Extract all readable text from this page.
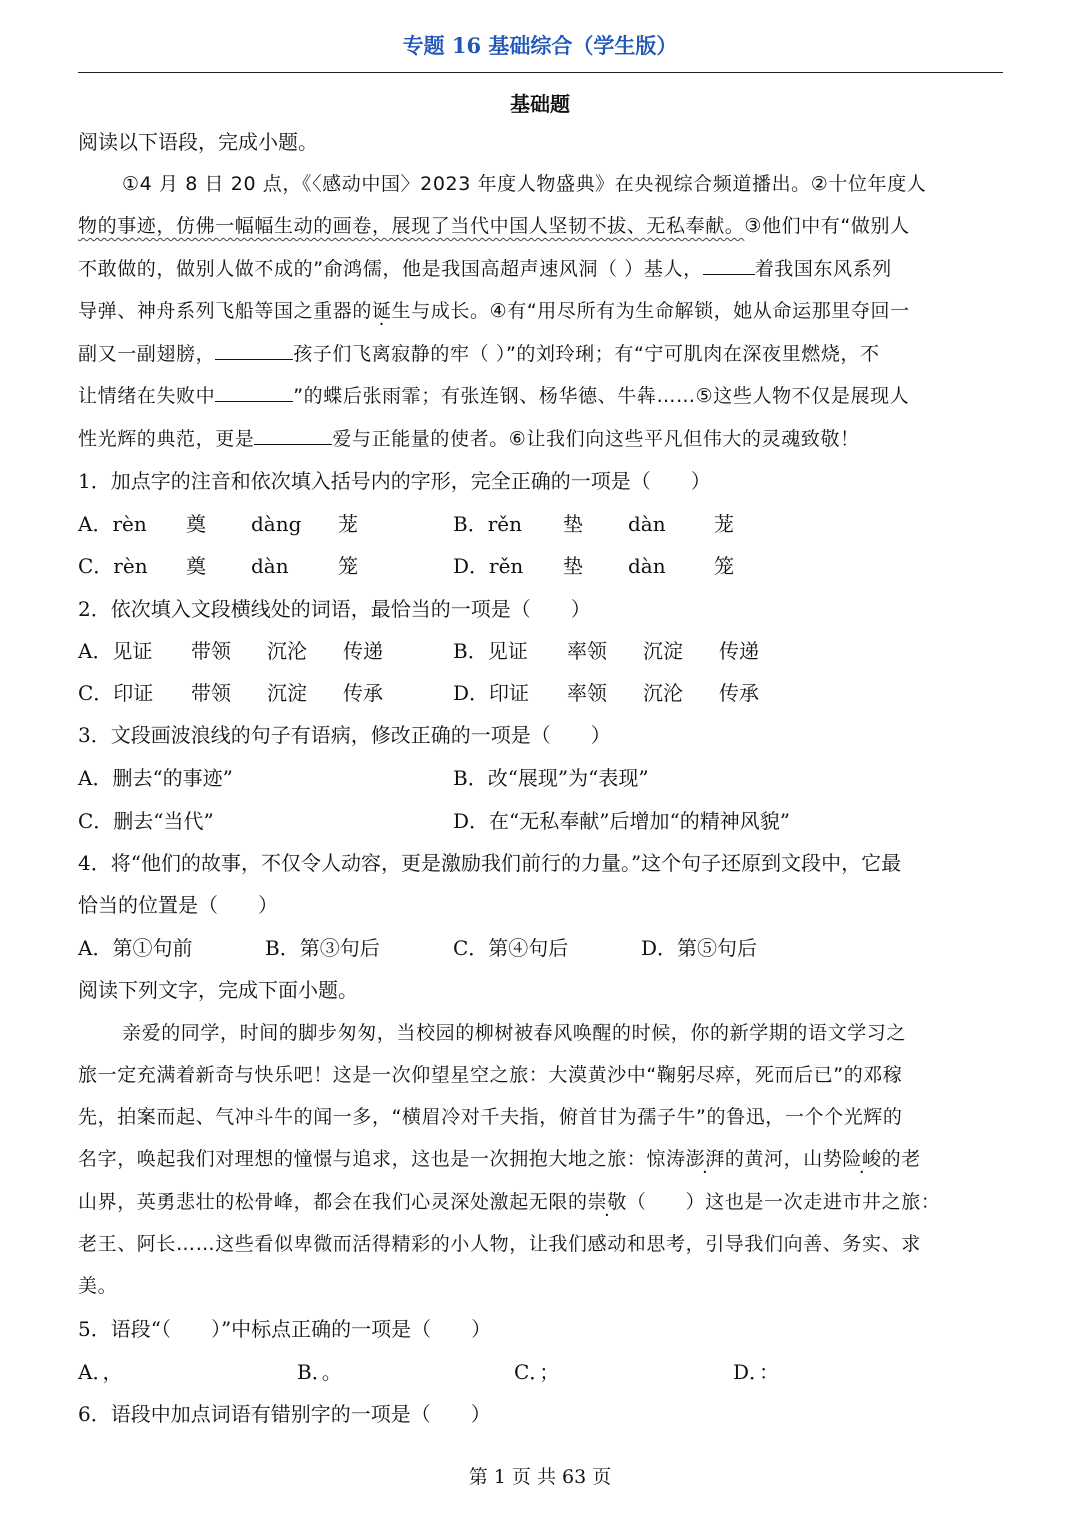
专题 16 基础综合（学生版）
基础题
阅读以下语段，完成小题。
①4 月 8 日 20 点，《〈感动中国〉2023 年度人物盛典》在央视综合频道播出。②十位年度人
物的事迹，仿佛一幅幅生动的画卷，展现了当代中国人坚韧不拔、无私奉献。③他们中有“做别人
不敢做的，做别人做不成的”俞鸿儒，他是我国高超声速风洞（ ）基人，	着我国东风系列
导弹、神舟系列飞船等国之重器的诞生与成长。④有“用尽所有为生命解锁，她从命运那里夺回一
副又一副翅膀，	孩子们飞离寂静的牢（ ）”的刘玲琍；有“宁可肌肉在深夜里燃烧，不
让情绪在失败中	”的蝶后张雨霏；有张连钢、杨华德、牛犇……⑤这些人物不仅是展现人
性光辉的典范，更是	爱与正能量的使者。⑥让我们向这些平凡但伟大的灵魂致敬！
1．加点字的注音和依次填入括号内的字形，完全正确的一项是（　　）
A．rèn 奠 dàng 茏	B．rěn 垫 dàn 茏
C．rèn 奠 dàn 笼	D．rěn 垫 dàn 笼
2．依次填入文段横线处的词语，最恰当的一项是（　　）
A．见证 带领 沉沦 传递	B．见证 率领 沉淀 传递
C．印证 带领 沉淀 传承	D．印证 率领 沉沦 传承
3．文段画波浪线的句子有语病，修改正确的一项是（　　）
A．删去“的事迹”	B．改“展现”为“表现”
C．删去“当代”	D．在“无私奉献”后增加“的精神风貌”
4．将“他们的故事，不仅令人动容，更是激励我们前行的力量。”这个句子还原到文段中，它最
恰当的位置是（　　）
A．第①句前	B．第③句后	C．第④句后	D．第⑤句后
阅读下列文字，完成下面小题。
亲爱的同学，时间的脚步匆匆，当校园的柳树被春风唤醒的时候，你的新学期的语文学习之
旅一定充满着新奇与快乐吧！这是一次仰望星空之旅：大漠黄沙中“鞠躬尽瘁，死而后已”的邓稼
先，拍案而起、气冲斗牛的闻一多，“横眉冷对千夫指，俯首甘为孺子牛”的鲁迅，一个个光辉的
名字，唤起我们对理想的憧憬与追求，这也是一次拥抱大地之旅：惊涛澎湃的黄河，山势险峻的老
山界，英勇悲壮的松骨峰，都会在我们心灵深处激起无限的崇敬（　　）这也是一次走进市井之旅：
老王、阿长……这些看似卑微而活得精彩的小人物，让我们感动和思考，引导我们向善、务实、求
美。
5．语段“（　　）”中标点正确的一项是（　　）
A．，	B．。	C．；	D．：
6．语段中加点词语有错别字的一项是（　　）
第 1 页 共 63 页
